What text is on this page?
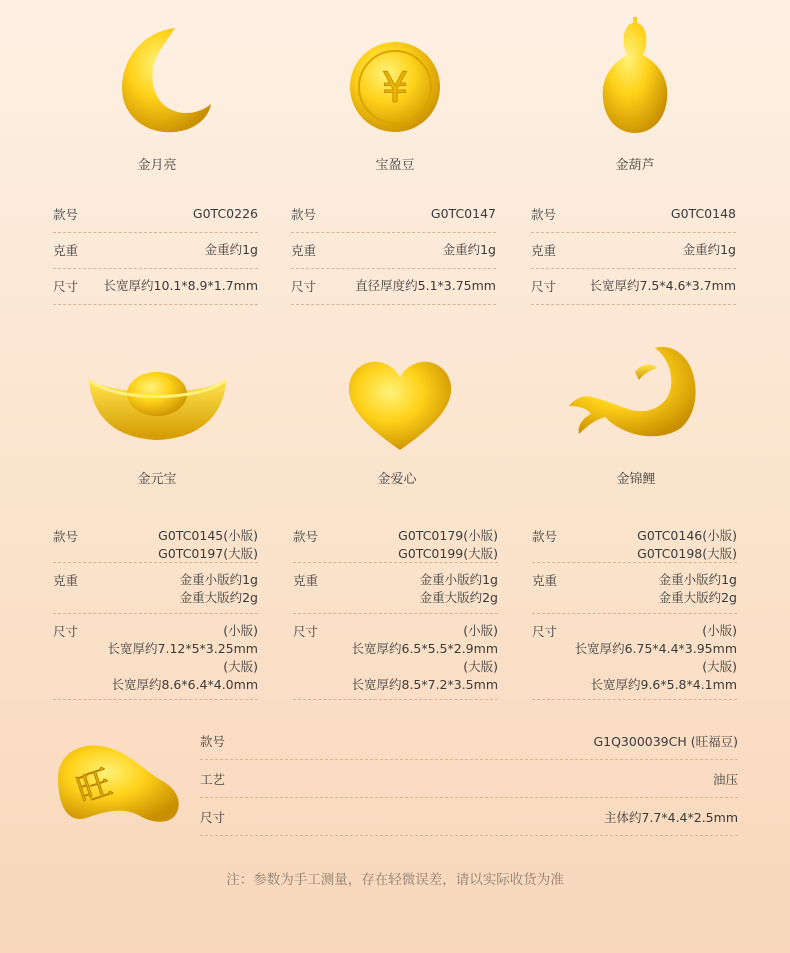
¥
金月亮	宝盈豆	金葫芦
款号	G0TC0226
克重	金重约1g
尺寸 长宽厚约10.1*8.9*1.7mm
款号	G0TC0147
克重	金重约1g
尺寸	直径厚度约5.1*3.75mm
款号	G0TC0148
克重	金重约1g
尺寸	长宽厚约7.5*4.6*3.7mm
金元宝	金爱心	金锦鲤
款号	G0TC0145(小版)
G0TC0197(大版)
克重	金重小版约1g
金重大版约2g
尺寸	(小版)
长宽厚约7.12*5*3.25mm
(大版)
长宽厚约8.6*6.4*4.0mm
款号	G0TC0179(小版)
G0TC0199(大版)
克重	金重小版约1g
金重大版约2g
尺寸	(小版)
长宽厚约6.5*5.5*2.9mm
(大版)
长宽厚约8.5*7.2*3.5mm
款号	G0TC0146(小版)
G0TC0198(大版)
克重	金重小版约1g
金重大版约2g
尺寸	(小版)
长宽厚约6.75*4.4*3.95mm
(大版)
长宽厚约9.6*5.8*4.1mm
旺
款号	G1Q300039CH (旺福豆)
工艺	油压
尺寸	主体约7.7*4.4*2.5mm
注：参数为手工测量，存在轻微误差，请以实际收货为准
